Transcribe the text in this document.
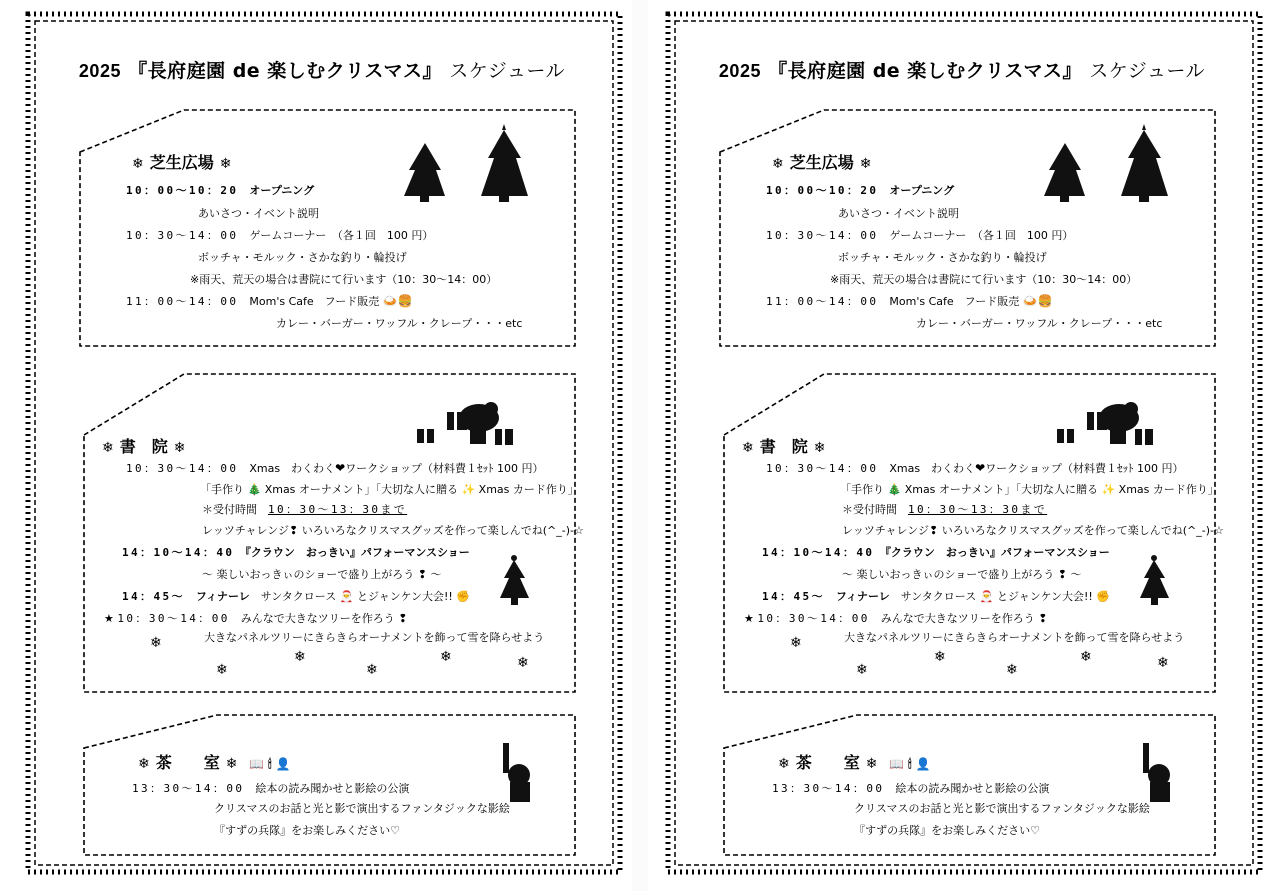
2025 『長府庭園 de 楽しむクリスマス』 スケジュール
❄ 芝生広場 ❄
10：00～10：20　 オープニング
あいさつ・イベント説明
10：30～14：00　 ゲームコーナー　（各１回　100 円）
ボッチャ・モルック・さかな釣り・輪投げ
※雨天、荒天の場合は書院にて行います（10：30～14：00）
11：00～14：00　 Mom's Cafe　フード販売 🍛🍔
カレー・バーガー・ワッフル・クレープ・・・etc
❄ 書　院 ❄
10：30～14：00　 Xmas　わくわく❤ワークショップ（材料費１ｾｯﾄ 100 円）
「手作り 🎄 Xmas オーナメント」「大切な人に贈る ✨ Xmas カード作り」
＊受付時間　 10：30～13：30まで
レッツチャレンジ❢ いろいろなクリスマスグッズを作って楽しんでね(^_-)-☆
14：10～14：40　 『クラウン　おっきい』パフォーマンスショー
～ 楽しいおっきぃのショーで盛り上がろう ❢ ～
14：45～　 フィナーレ　 サンタクロース 🎅 とジャンケン大会!! ✊
★ 10：30～14：00　 みんなで大きなツリーを作ろう ❢
大きなパネルツリーにきらきらオーナメントを飾って雪を降らせよう
❄
❄	❄
❄	❄	❄
❄ 茶　　室 ❄ 📖 🕯 👤
13：30～14：00　 絵本の読み聞かせと影絵の公演
クリスマスのお話と光と影で演出するファンタジックな影絵
『すずの兵隊』をお楽しみください♡
2025 『長府庭園 de 楽しむクリスマス』 スケジュール
❄ 芝生広場 ❄
10：00～10：20　 オープニング
あいさつ・イベント説明
10：30～14：00　 ゲームコーナー　（各１回　100 円）
ボッチャ・モルック・さかな釣り・輪投げ
※雨天、荒天の場合は書院にて行います（10：30～14：00）
11：00～14：00　 Mom's Cafe　フード販売 🍛🍔
カレー・バーガー・ワッフル・クレープ・・・etc
❄ 書　院 ❄
10：30～14：00　 Xmas　わくわく❤ワークショップ（材料費１ｾｯﾄ 100 円）
「手作り 🎄 Xmas オーナメント」「大切な人に贈る ✨ Xmas カード作り」
＊受付時間　 10：30～13：30まで
レッツチャレンジ❢ いろいろなクリスマスグッズを作って楽しんでね(^_-)-☆
14：10～14：40　 『クラウン　おっきい』パフォーマンスショー
～ 楽しいおっきぃのショーで盛り上がろう ❢ ～
14：45～　 フィナーレ　 サンタクロース 🎅 とジャンケン大会!! ✊
★ 10：30～14：00　 みんなで大きなツリーを作ろう ❢
大きなパネルツリーにきらきらオーナメントを飾って雪を降らせよう
❄
❄	❄
❄	❄	❄
❄ 茶　　室 ❄ 📖 🕯 👤
13：30～14：00　 絵本の読み聞かせと影絵の公演
クリスマスのお話と光と影で演出するファンタジックな影絵
『すずの兵隊』をお楽しみください♡
